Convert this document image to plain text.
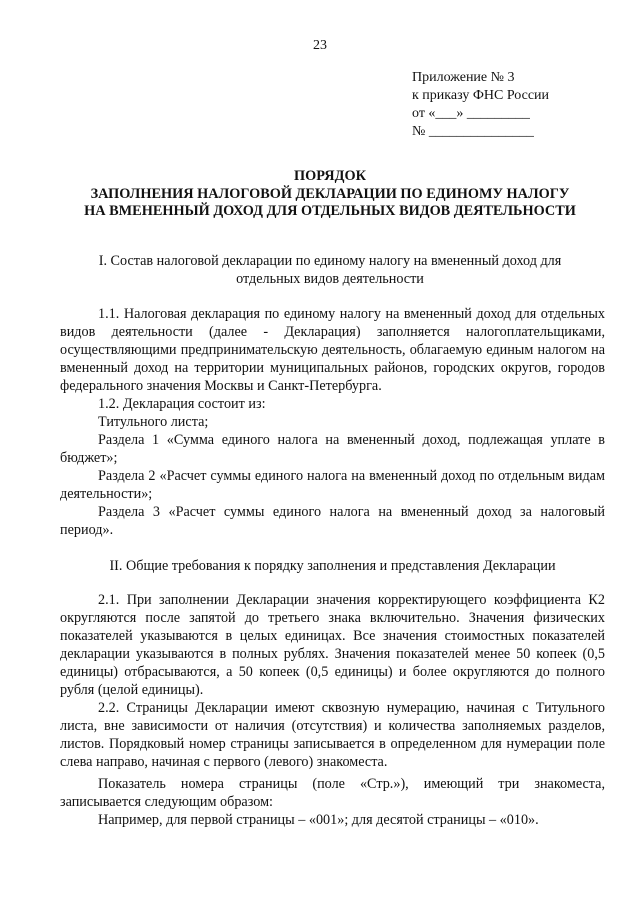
23
Приложение № 3
к приказу ФНС России
от «___» _________
№ _______________
ПОРЯДОК
ЗАПОЛНЕНИЯ НАЛОГОВОЙ ДЕКЛАРАЦИИ ПО ЕДИНОМУ НАЛОГУ
НА ВМЕНЕННЫЙ ДОХОД ДЛЯ ОТДЕЛЬНЫХ ВИДОВ ДЕЯТЕЛЬНОСТИ
I. Состав налоговой декларации по единому налогу на вмененный доход для
отдельных видов деятельности

1.1. Налоговая декларация по единому налогу на вмененный доход для отдельных видов деятельности (далее - Декларация) заполняется налогоплательщиками, осуществляющими предпринимательскую деятельность, облагаемую единым налогом на вмененный доход на территории муниципальных районов, городских округов, городов федерального значения Москвы и Санкт-Петербурга.

1.2. Декларация состоит из:

Титульного листа;

Раздела 1 «Сумма единого налога на вмененный доход, подлежащая уплате в бюджет»;

Раздела 2 «Расчет суммы единого налога на вмененный доход по отдельным видам деятельности»;

Раздела 3 «Расчет суммы единого налога на вмененный доход за налоговый период».

II. Общие требования к порядку заполнения и представления Декларации

2.1. При заполнении Декларации значения корректирующего коэффициента К2 округляются после запятой до третьего знака включительно. Значения физических показателей указываются в целых единицах. Все значения стоимостных показателей декларации указываются в полных рублях. Значения показателей менее 50 копеек (0,5 единицы) отбрасываются, а 50 копеек (0,5 единицы) и более округляются до полного рубля (целой единицы).

2.2. Страницы Декларации имеют сквозную нумерацию, начиная с Титульного листа, вне зависимости от наличия (отсутствия) и количества заполняемых разделов, листов. Порядковый номер страницы записывается в определенном для нумерации поле слева направо, начиная с первого (левого) знакоместа.

Показатель номера страницы (поле «Стр.»), имеющий три знакоместа, записывается следующим образом:

Например, для первой страницы – «001»; для десятой страницы – «010».
